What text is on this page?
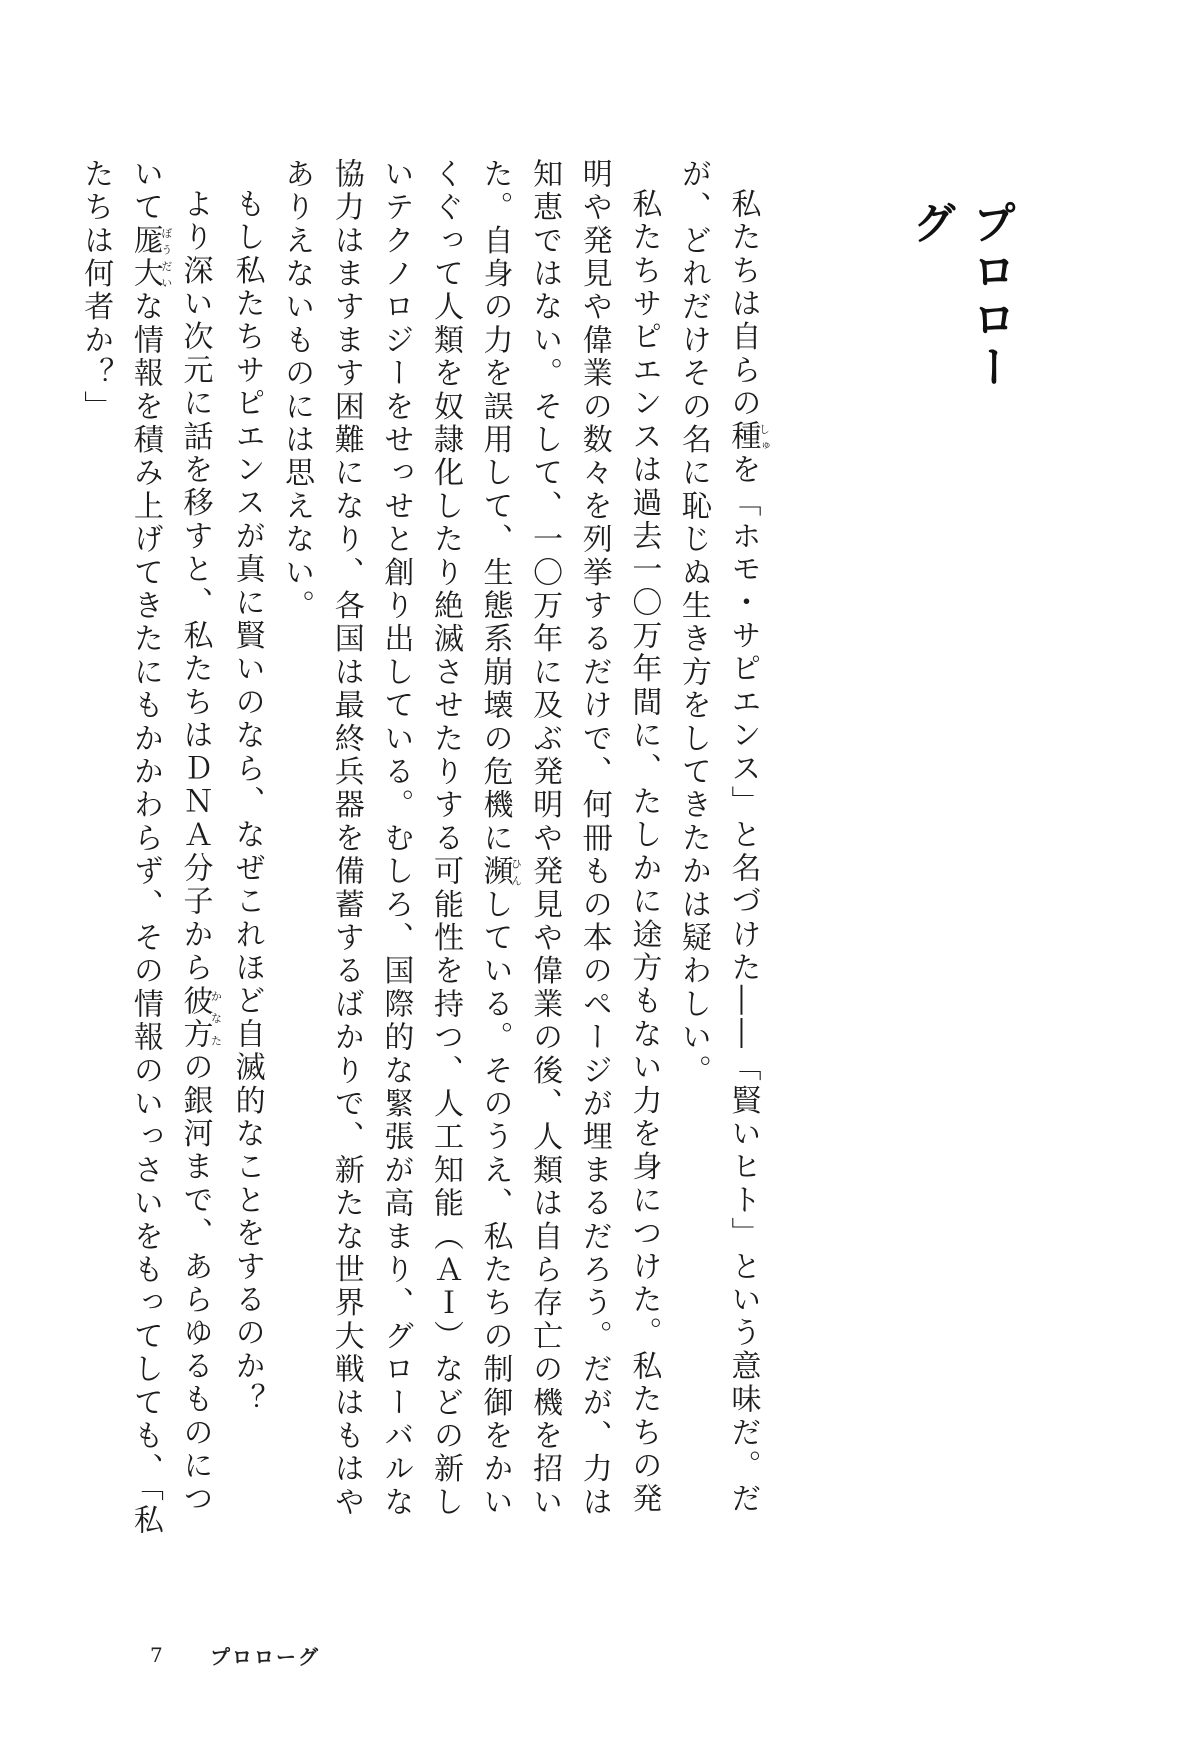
プロローグ

私たちは自らの種しゅを「ホモ・サピエンス」と名づけた――「賢いヒト」という意味だ。だが、どれだけその名に恥じぬ生き方をしてきたかは疑わしい。

私たちサピエンスは過去一〇万年間に、たしかに途方もない力を身につけた。私たちの発明や発見や偉業の数々を列挙するだけで、何冊もの本のページが埋まるだろう。だが、力は知恵ではない。そして、一〇万年に及ぶ発明や発見や偉業の後、人類は自ら存亡の機を招いた。自身の力を誤用して、生態系崩壊の危機に瀕ひんしている。そのうえ、私たちの制御をかいくぐって人類を奴隷化したり絶滅させたりする可能性を持つ、人工知能（ＡＩ）などの新しいテクノロジーをせっせと創り出している。むしろ、国際的な緊張が高まり、グローバルな協力はますます困難になり、各国は最終兵器を備蓄するばかりで、新たな世界大戦はもはやありえないものには思えない。

もし私たちサピエンスが真に賢いのなら、なぜこれほど自滅的なことをするのか？

より深い次元に話を移すと、私たちはＤＮＡ分子から彼方かなたの銀河まで、あらゆるものについて厖大ぼうだいな情報を積み上げてきたにもかかわらず、その情報のいっさいをもってしても、「私たちは何者か？」

7	プロローグ
